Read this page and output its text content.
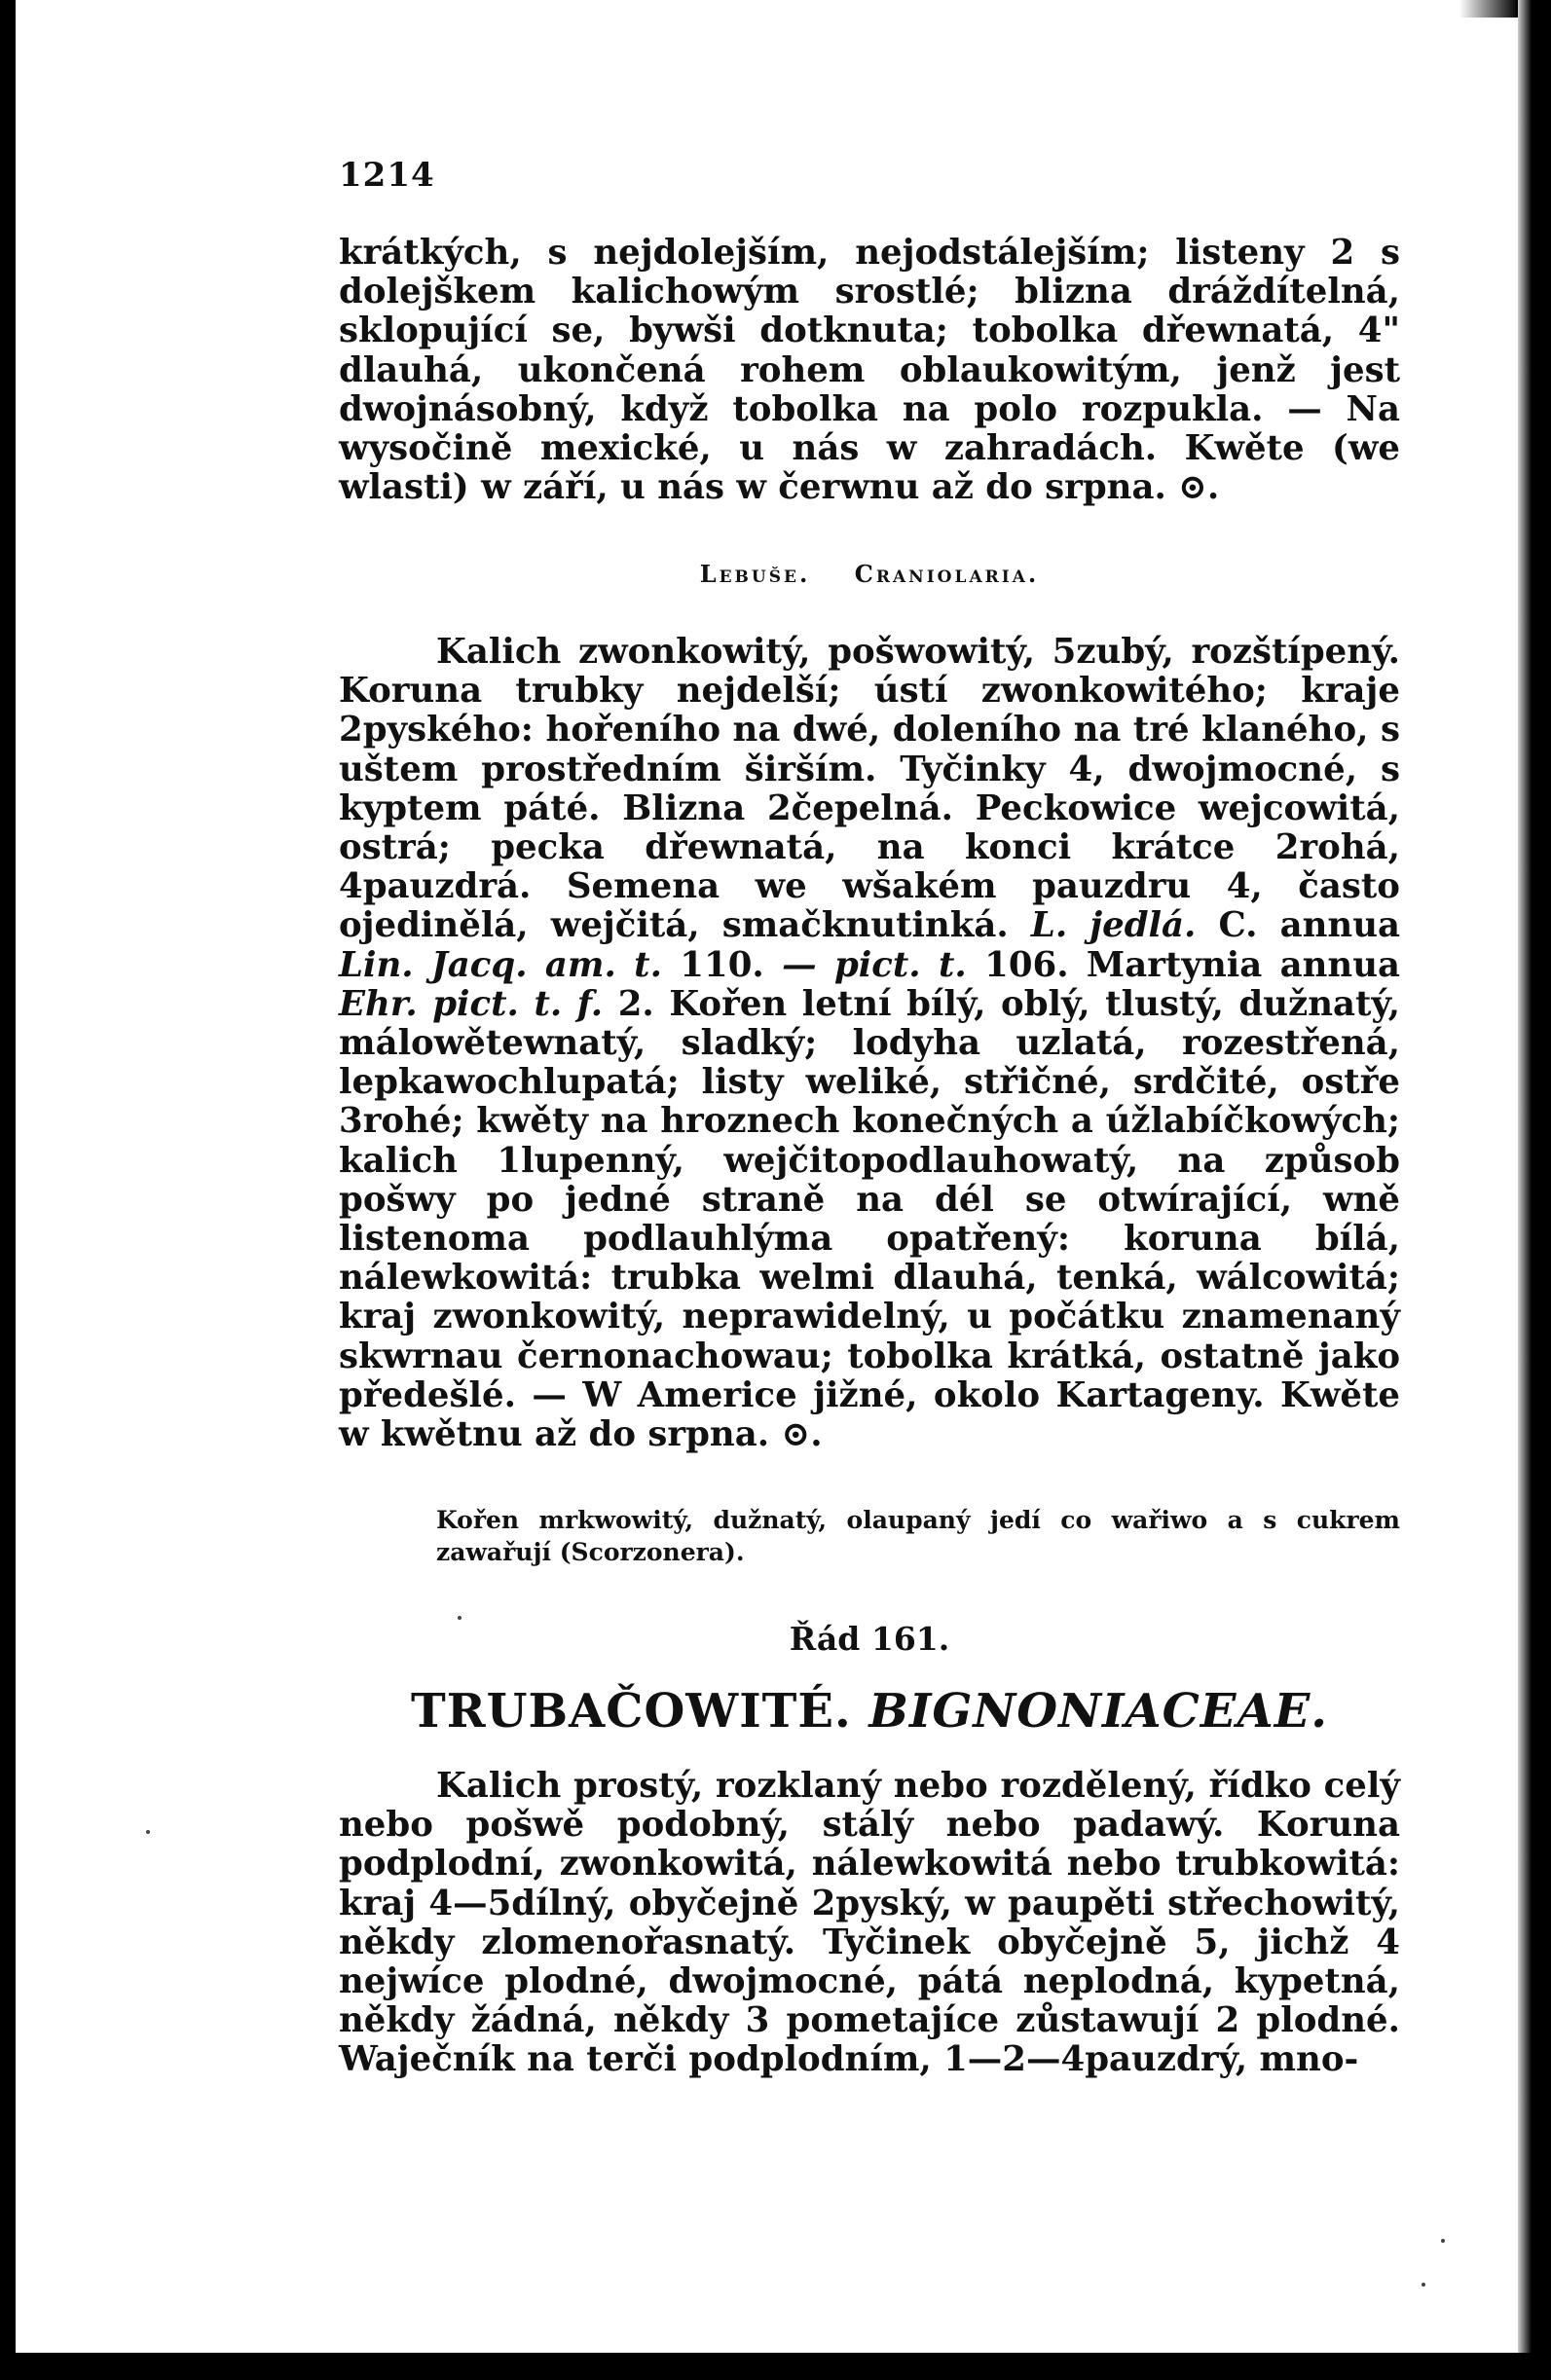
1214
krátkých, s nejdolejším, nejodstálejším; listeny 2 s dolejškem kalichowým srostlé; blizna dráždítelná, sklopující se, bywši dotknuta; tobolka dřewnatá, 4" dlauhá, ukončená rohem oblaukowitým, jenž jest dwojnásobný, když tobolka na polo rozpukla. — Na wysočině mexické, u nás w zahradách. Kwěte (we wlasti) w září, u nás w čerwnu až do srpna. ⊙.
Lebuše. Craniolaria.
Kalich zwonkowitý, pošwowitý, 5zubý, rozštípený. Koruna trubky nejdelší; ústí zwonkowitého; kraje 2pyského: hořeního na dwé, doleního na tré klaného, s uštem prostředním širším. Tyčinky 4, dwojmocné, s kyptem páté. Blizna 2čepelná. Peckowice wejcowitá, ostrá; pecka dřewnatá, na konci krátce 2rohá, 4pauzdrá. Semena we wšakém pauzdru 4, často ojedinělá, wejčitá, smačknutinká. L. jedlá. C. annua Lin. Jacq. am. t. 110. — pict. t. 106. Martynia annua Ehr. pict. t. f. 2. Kořen letní bílý, oblý, tlustý, dužnatý, málowětewnatý, sladký; lodyha uzlatá, rozestřená, lepkawochlupatá; listy weliké, střičné, srdčité, ostře 3rohé; kwěty na hroznech konečných a úžlabíčkowých; kalich 1lupenný, wejčitopodlauhowatý, na způsob pošwy po jedné straně na dél se otwírající, wně listenoma podlauhlýma opatřený: koruna bílá, nálewkowitá: trubka welmi dlauhá, tenká, wálcowitá; kraj zwonkowitý, neprawidelný, u počátku znamenaný skwrnau černonachowau; tobolka krátká, ostatně jako předešlé. — W Americe jižné, okolo Kartageny. Kwěte w kwětnu až do srpna. ⊙.
Kořen mrkwowitý, dužnatý, olaupaný jedí co wařiwo a s cukrem zawařují (Scorzonera).
Řád 161.
TRUBAČOWITÉ. BIGNONIACEAE.
Kalich prostý, rozklaný nebo rozdělený, řídko celý nebo pošwě podobný, stálý nebo padawý. Koruna podplodní, zwonkowitá, nálewkowitá nebo trubkowitá: kraj 4—5dílný, obyčejně 2pyský, w paupěti střechowitý, někdy zlomenořasnatý. Tyčinek obyčejně 5, jichž 4 nejwíce plodné, dwojmocné, pátá neplodná, kypetná, někdy žádná, někdy 3 pometajíce zůstawují 2 plodné. Waječník na terči podplodním, 1—2—4pauzdrý, mno-
